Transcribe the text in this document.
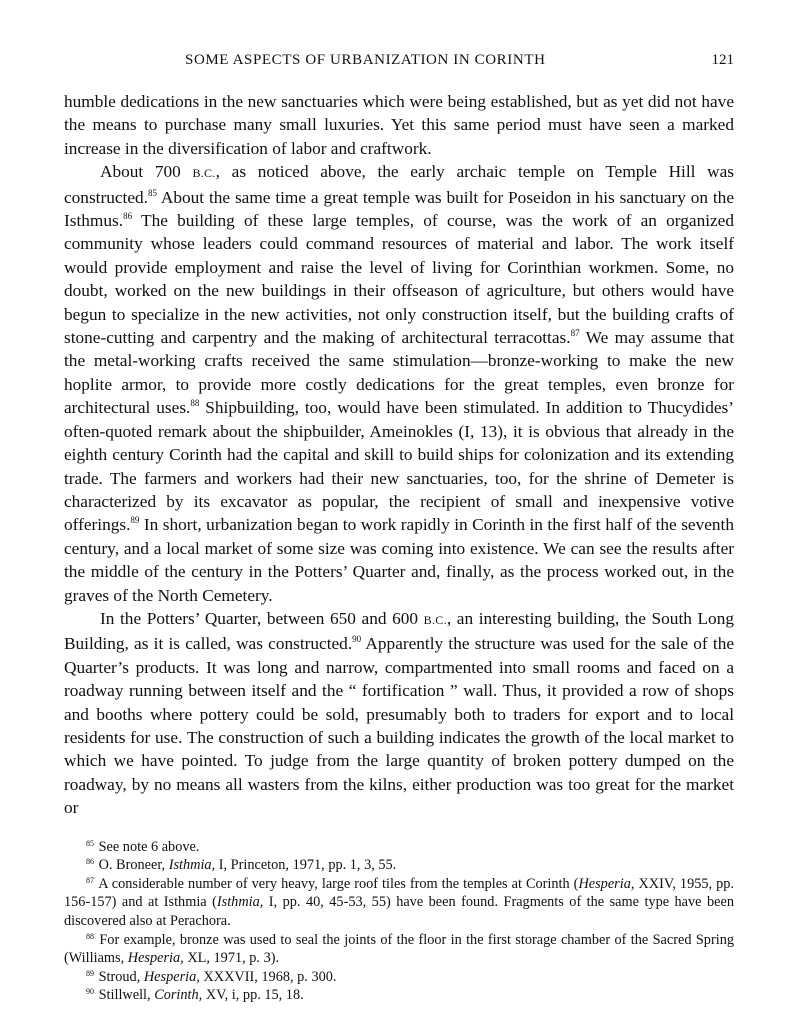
SOME ASPECTS OF URBANIZATION IN CORINTH	121

humble dedications in the new sanctuaries which were being established, but as yet did not have the means to purchase many small luxuries. Yet this same period must have seen a marked increase in the diversification of labor and craftwork.

About 700 B.C., as noticed above, the early archaic temple on Temple Hill was constructed.$^{85}$ About the same time a great temple was built for Poseidon in his sanctuary on the Isthmus.$^{86}$ The building of these large temples, of course, was the work of an organized community whose leaders could command resources of material and labor. The work itself would provide employment and raise the level of living for Corinthian workmen. Some, no doubt, worked on the new buildings in their offseason of agriculture, but others would have begun to specialize in the new activities, not only construction itself, but the building crafts of stone-cutting and carpentry and the making of architectural terracottas.$^{87}$ We may assume that the metal-working crafts received the same stimulation—bronze-working to make the new hoplite armor, to provide more costly dedications for the great temples, even bronze for architectural uses.$^{88}$ Shipbuilding, too, would have been stimulated. In addition to Thucydides’ often-quoted remark about the shipbuilder, Ameinokles (I, 13), it is obvious that already in the eighth century Corinth had the capital and skill to build ships for colonization and its extending trade. The farmers and workers had their new sanctuaries, too, for the shrine of Demeter is characterized by its excavator as popular, the recipient of small and inexpensive votive offerings.$^{89}$ In short, urbanization began to work rapidly in Corinth in the first half of the seventh century, and a local market of some size was coming into existence. We can see the results after the middle of the century in the Potters’ Quarter and, finally, as the process worked out, in the graves of the North Cemetery.

In the Potters’ Quarter, between 650 and 600 B.C., an interesting building, the South Long Building, as it is called, was constructed.$^{90}$ Apparently the structure was used for the sale of the Quarter’s products. It was long and narrow, compartmented into small rooms and faced on a roadway running between itself and the “ fortification ” wall. Thus, it provided a row of shops and booths where pottery could be sold, presumably both to traders for export and to local residents for use. The construction of such a building indicates the growth of the local market to which we have pointed. To judge from the large quantity of broken pottery dumped on the roadway, by no means all wasters from the kilns, either production was too great for the market or

$^{85}$ See note 6 above.

$^{86}$ O. Broneer, Isthmia, I, Princeton, 1971, pp. 1, 3, 55.

$^{87}$ A considerable number of very heavy, large roof tiles from the temples at Corinth (Hesperia, XXIV, 1955, pp. 156-157) and at Isthmia (Isthmia, I, pp. 40, 45-53, 55) have been found. Fragments of the same type have been discovered also at Perachora.

$^{88}$ For example, bronze was used to seal the joints of the floor in the first storage chamber of the Sacred Spring (Williams, Hesperia, XL, 1971, p. 3).

$^{89}$ Stroud, Hesperia, XXXVII, 1968, p. 300.

$^{90}$ Stillwell, Corinth, XV, i, pp. 15, 18.
